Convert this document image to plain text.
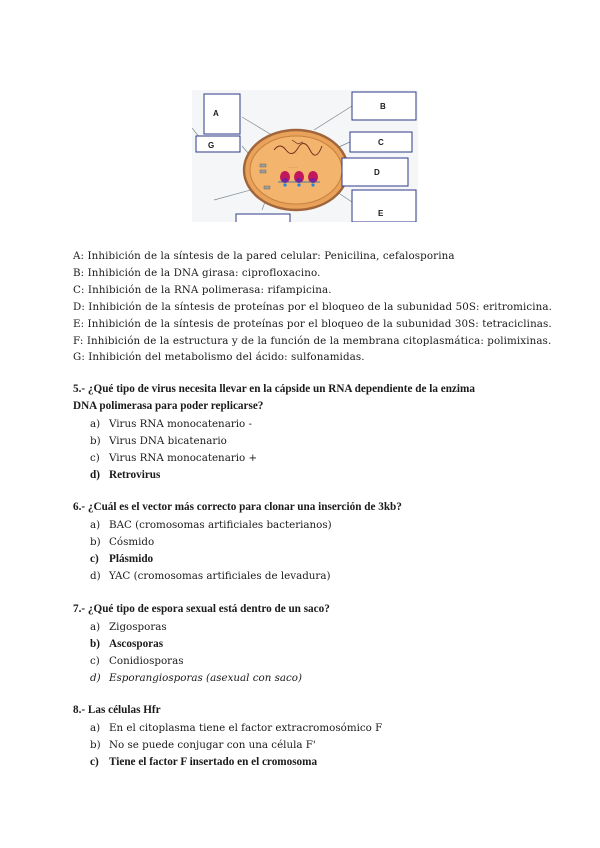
······
··········
A
B
C
D
E
G
A: Inhibición de la síntesis de la pared celular: Penicilina, cefalosporina
B: Inhibición de la DNA girasa: ciprofloxacino.
C: Inhibición de la RNA polimerasa: rifampicina.
D: Inhibición de la síntesis de proteínas por el bloqueo de la subunidad 50S: eritromicina.
E: Inhibición de la síntesis de proteínas por el bloqueo de la subunidad 30S: tetraciclinas.
F: Inhibición de la estructura y de la función de la membrana citoplasmática: polimixinas.
G: Inhibición del metabolismo del ácido: sulfonamidas.
5.- ¿Qué tipo de virus necesita llevar en la cápside un RNA dependiente de la enzima
DNA polimerasa para poder replicarse?
a) Virus RNA monocatenario -
b) Virus DNA bicatenario
c) Virus RNA monocatenario +
d) Retrovirus
6.- ¿Cuál es el vector más correcto para clonar una inserción de 3kb?
a) BAC (cromosomas artificiales bacterianos)
b) Cósmido
c) Plásmido
d) YAC (cromosomas artificiales de levadura)
7.- ¿Qué tipo de espora sexual está dentro de un saco?
a) Zigosporas
b) Ascosporas
c) Conidiosporas
d) Esporangiosporas (asexual con saco)
8.- Las células Hfr
a) En el citoplasma tiene el factor extracromosómico F
b) No se puede conjugar con una célula F'
c) Tiene el factor F insertado en el cromosoma
